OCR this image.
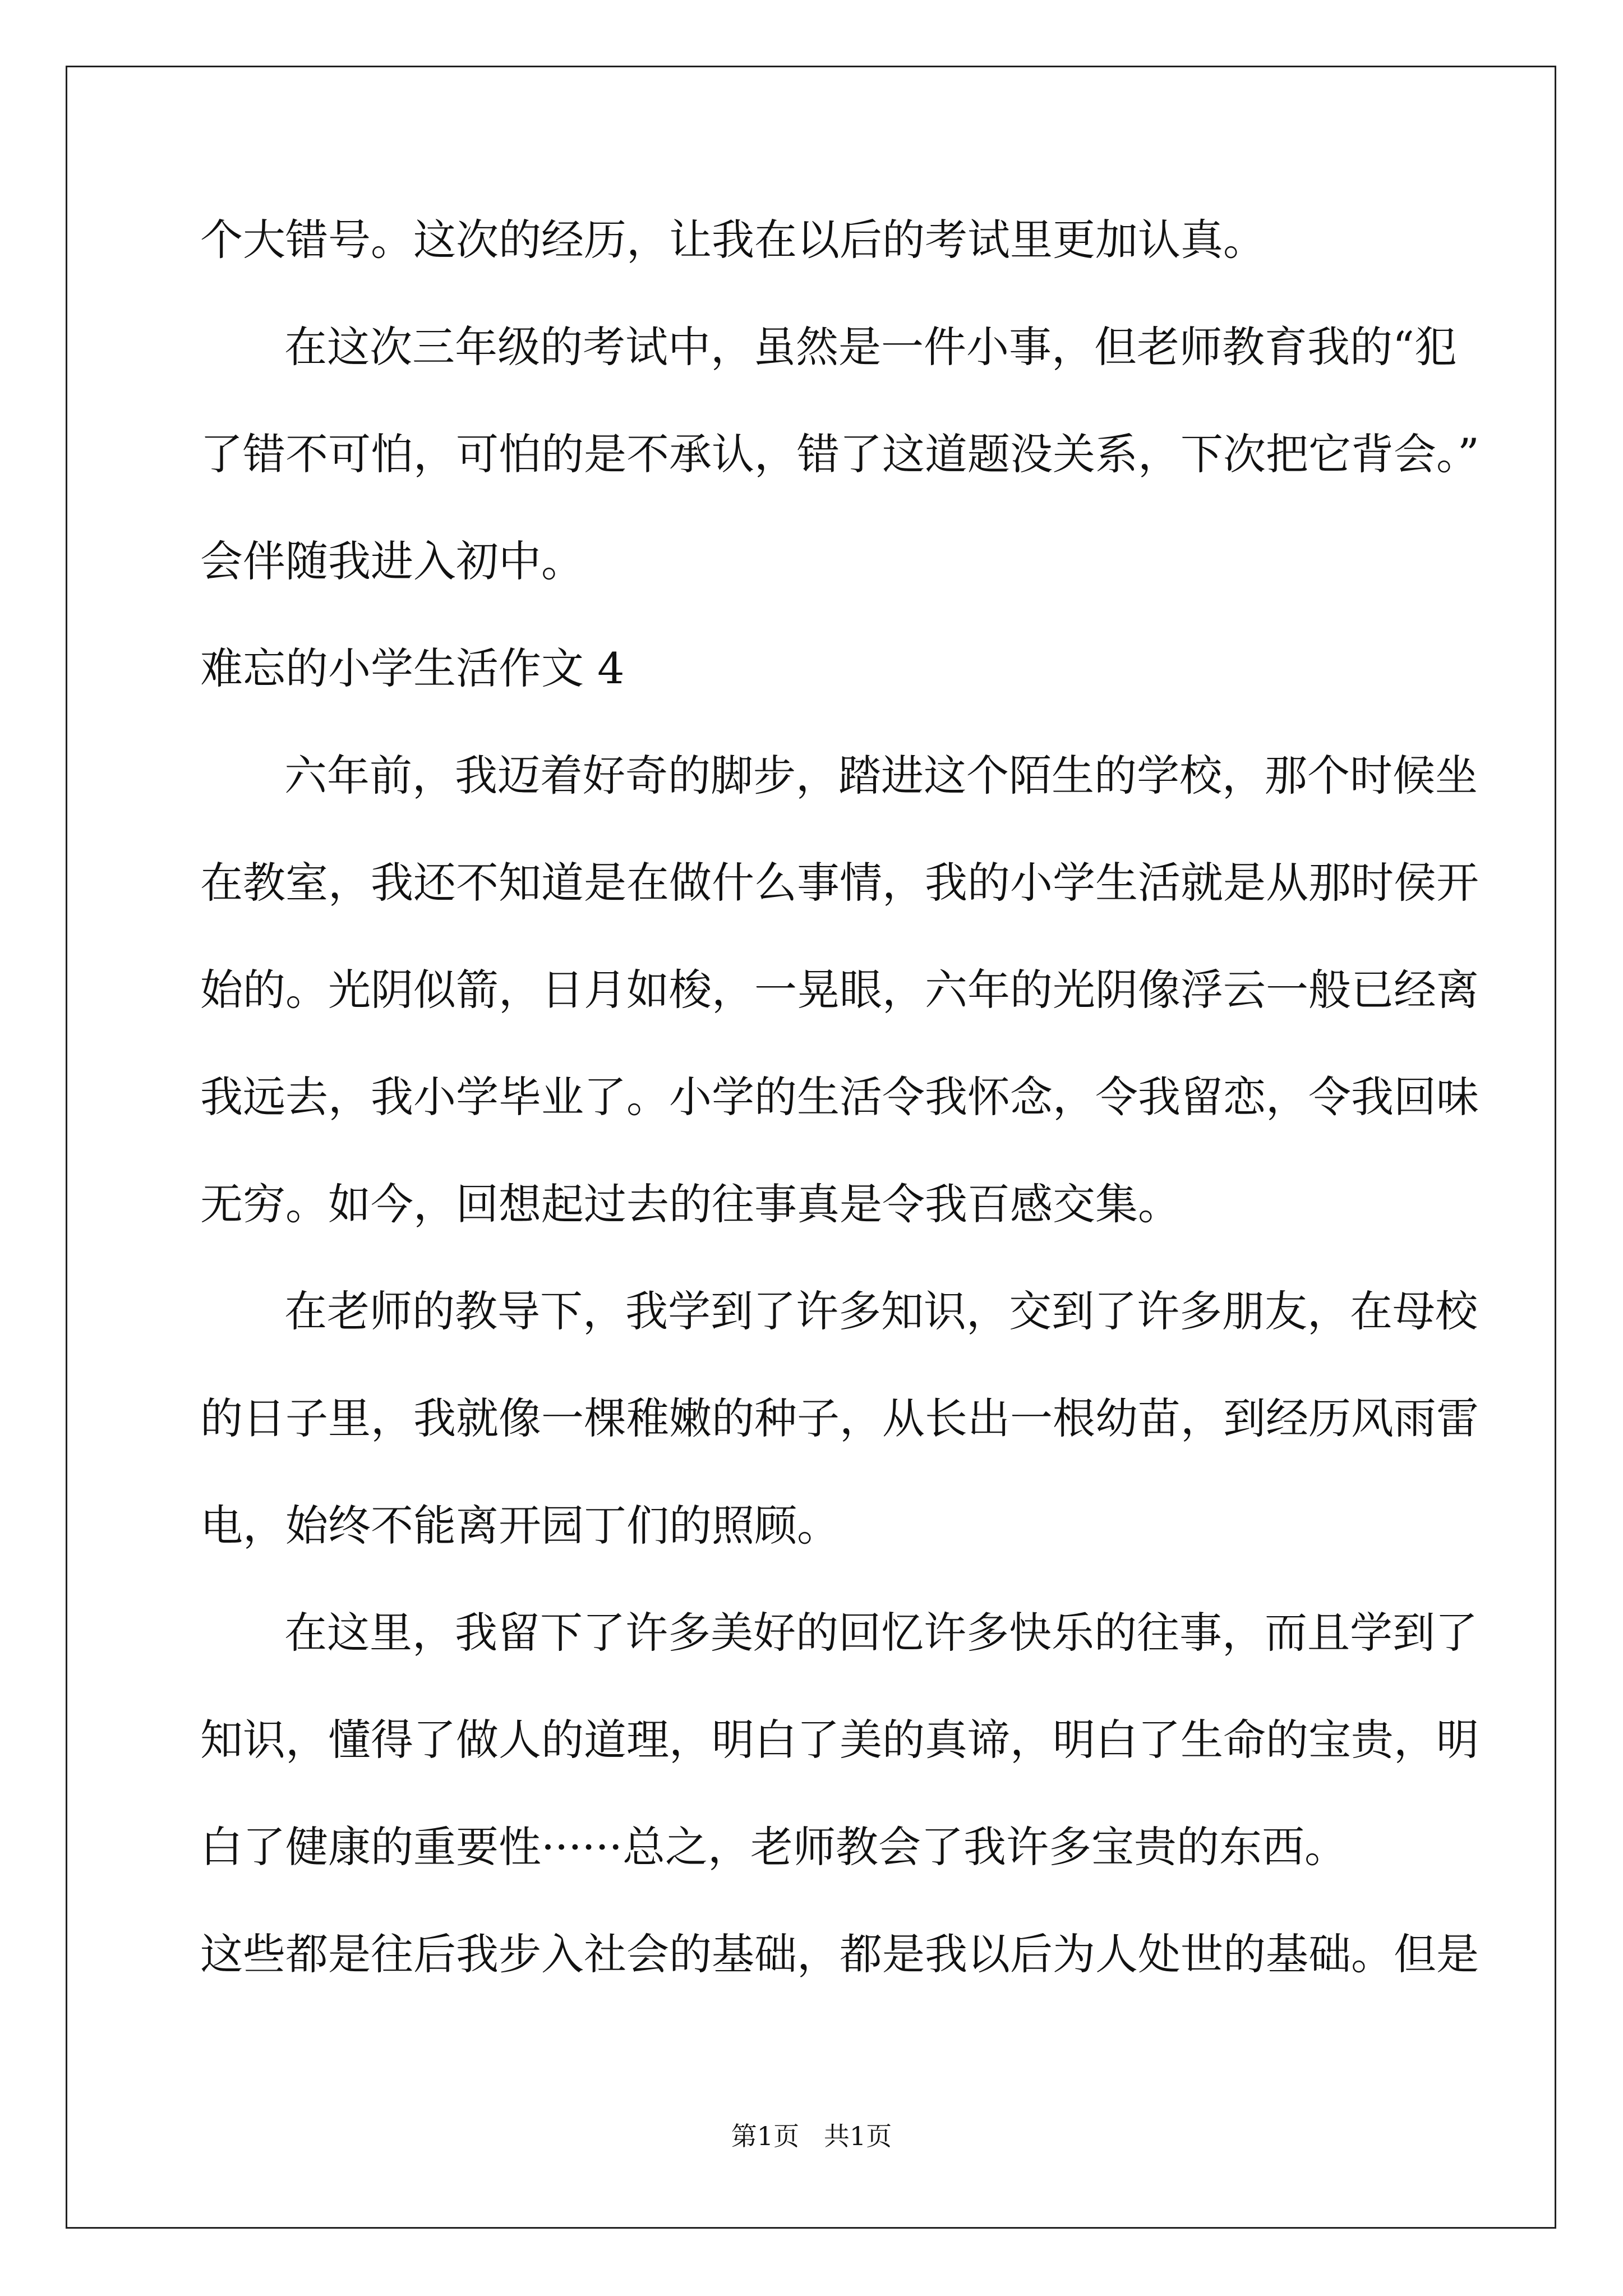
个大错号。这次的经历，让我在以后的考试里更加认真。
在这次三年级的考试中，虽然是一件小事，但老师教育我的“犯
了错不可怕，可怕的是不承认，错了这道题没关系，下次把它背会。”
会伴随我进入初中。
难忘的小学生活作文 4
六年前，我迈着好奇的脚步，踏进这个陌生的学校，那个时候坐
在教室，我还不知道是在做什么事情，我的小学生活就是从那时侯开
始的。光阴似箭，日月如梭，一晃眼，六年的光阴像浮云一般已经离
我远去，我小学毕业了。小学的生活令我怀念，令我留恋，令我回味
无穷。如今，回想起过去的往事真是令我百感交集。
在老师的教导下，我学到了许多知识，交到了许多朋友，在母校
的日子里，我就像一棵稚嫩的种子，从长出一根幼苗，到经历风雨雷
电，始终不能离开园丁们的照顾。
在这里，我留下了许多美好的回忆许多快乐的往事，而且学到了
知识，懂得了做人的道理，明白了美的真谛，明白了生命的宝贵，明
白了健康的重要性······总之，老师教会了我许多宝贵的东西。
这些都是往后我步入社会的基础，都是我以后为人处世的基础。但是
第1页   共1页
